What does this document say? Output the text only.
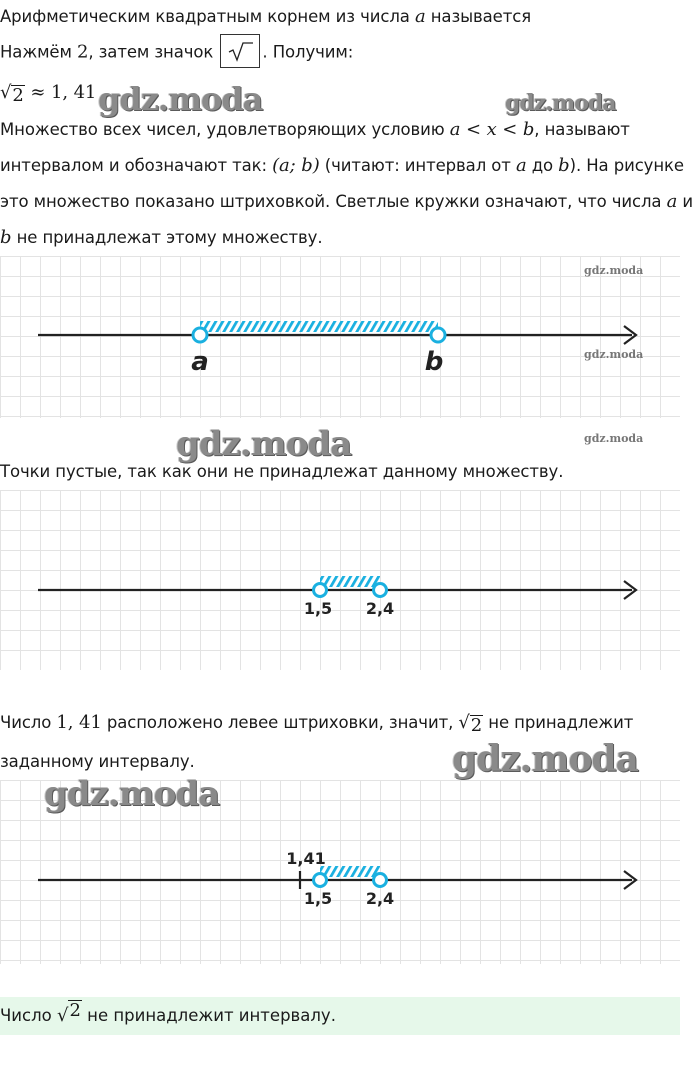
Арифметическим квадратным корнем из числа a называется
Нажмём 2, затем значок	. Получим:
√ 2 ≈ 1, 41 gdz.moda	gdz.moda
Множество всех чисел, удовлетворяющих условию a < x < b, называют
интервалом и обозначают так: (a; b) (читают: интервал от a до b). На рисунке
это множество показано штриховкой. Светлые кружки означают, что числа a и
b не принадлежат этому множеству.
a	b
gdz.moda
gdz.moda
gdz.moda	gdz.moda
Точки пустые, так как они не принадлежат данному множеству.
1,5 2,4
Число 1, 41 расположено левее штриховки, значит, √ 2 не принадлежит
заданному интервалу.	gdz.moda
1,41
1,5 2,4
gdz.moda
Число √ 2 не принадлежит интервалу.
